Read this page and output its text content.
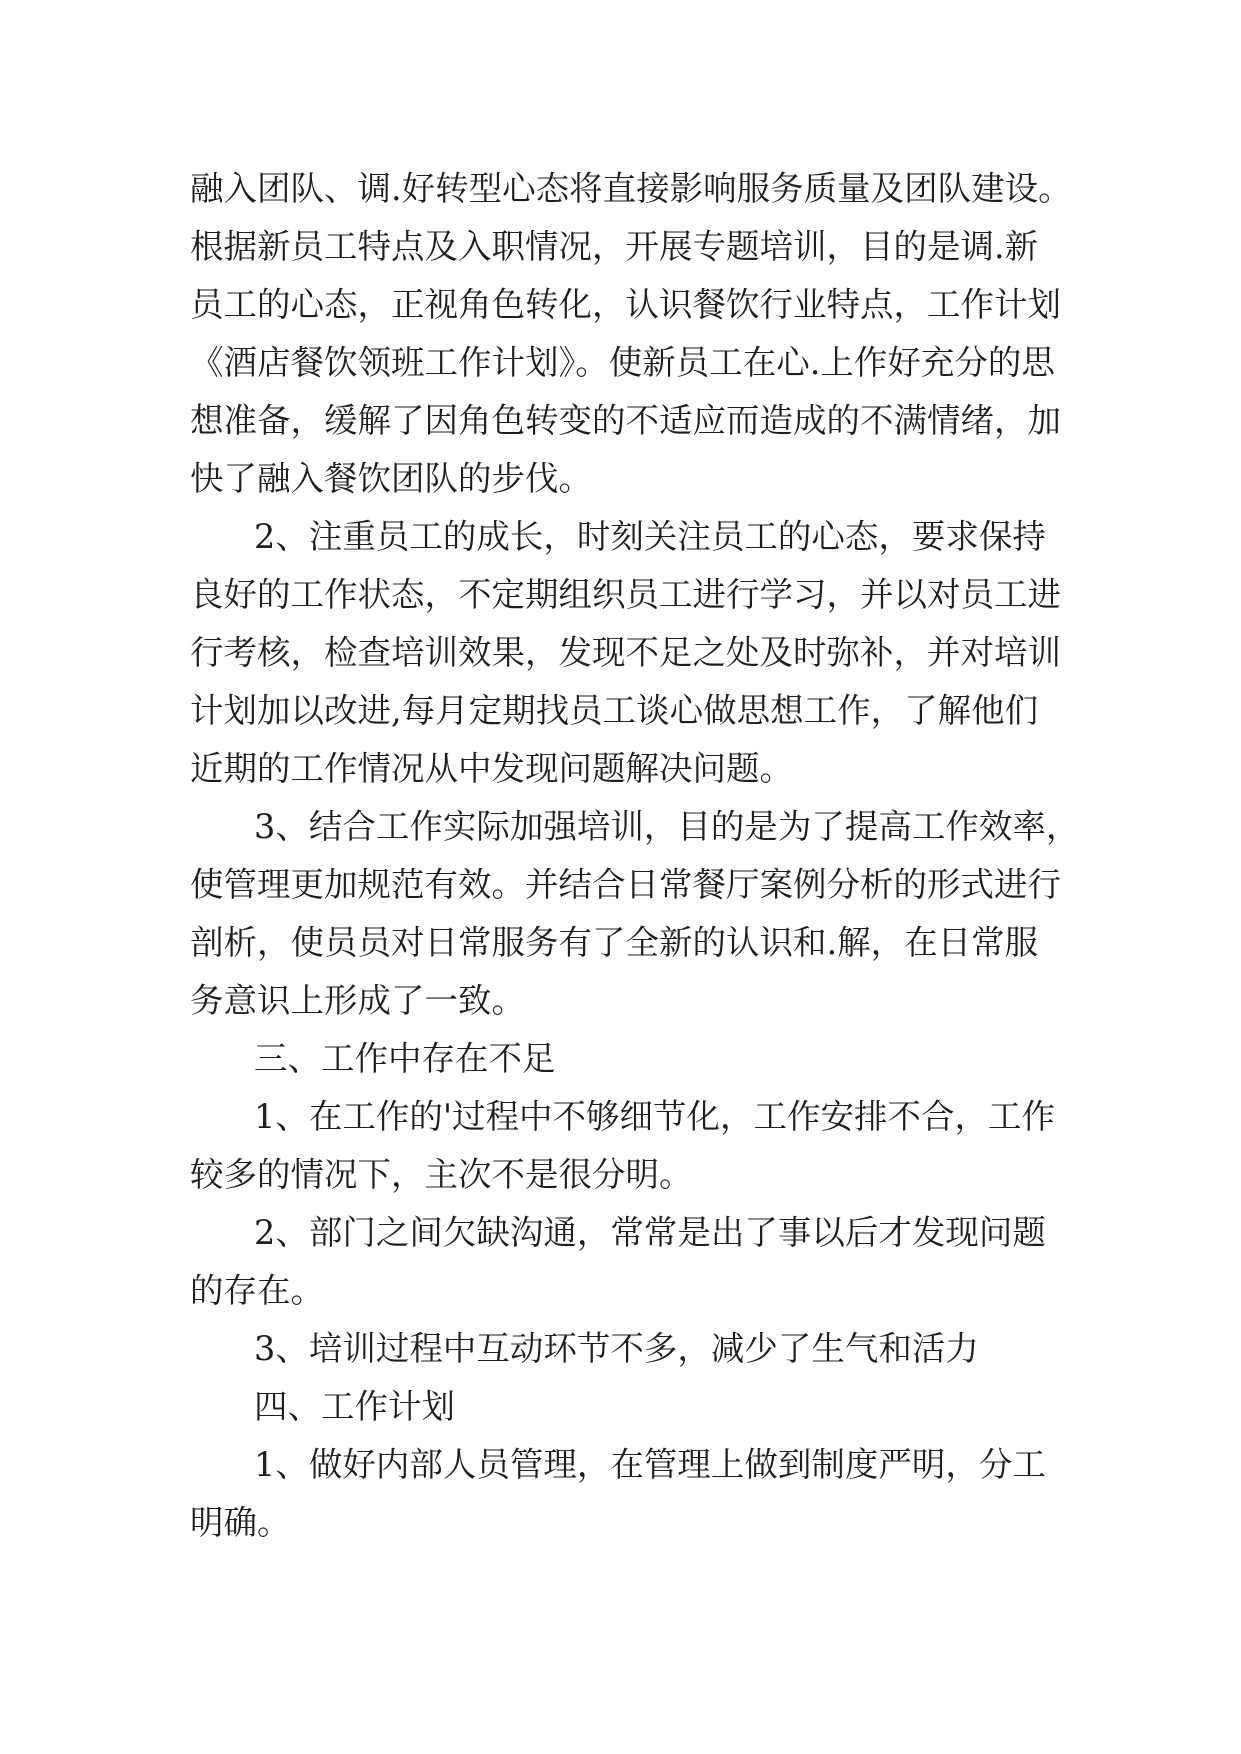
融入团队、调.好转型心态将直接影响服务质量及团队建设。
根据新员工特点及入职情况，开展专题培训，目的是调.新
员工的心态，正视角色转化，认识餐饮行业特点，工作计划
《酒店餐饮领班工作计划》。使新员工在心.上作好充分的思
想准备，缓解了因角色转变的不适应而造成的不满情绪，加
快了融入餐饮团队的步伐。
2、注重员工的成长，时刻关注员工的心态，要求保持
良好的工作状态，不定期组织员工进行学习，并以对员工进
行考核，检查培训效果，发现不足之处及时弥补，并对培训
计划加以改进,每月定期找员工谈心做思想工作，了解他们
近期的工作情况从中发现问题解决问题。
3、结合工作实际加强培训，目的是为了提高工作效率，
使管理更加规范有效。并结合日常餐厅案例分析的形式进行
剖析，使员员对日常服务有了全新的认识和.解，在日常服
务意识上形成了一致。
三、工作中存在不足
1、在工作的'过程中不够细节化，工作安排不合，工作
较多的情况下，主次不是很分明。
2、部门之间欠缺沟通，常常是出了事以后才发现问题
的存在。
3、培训过程中互动环节不多，减少了生气和活力
四、工作计划
1、做好内部人员管理，在管理上做到制度严明，分工
明确。
